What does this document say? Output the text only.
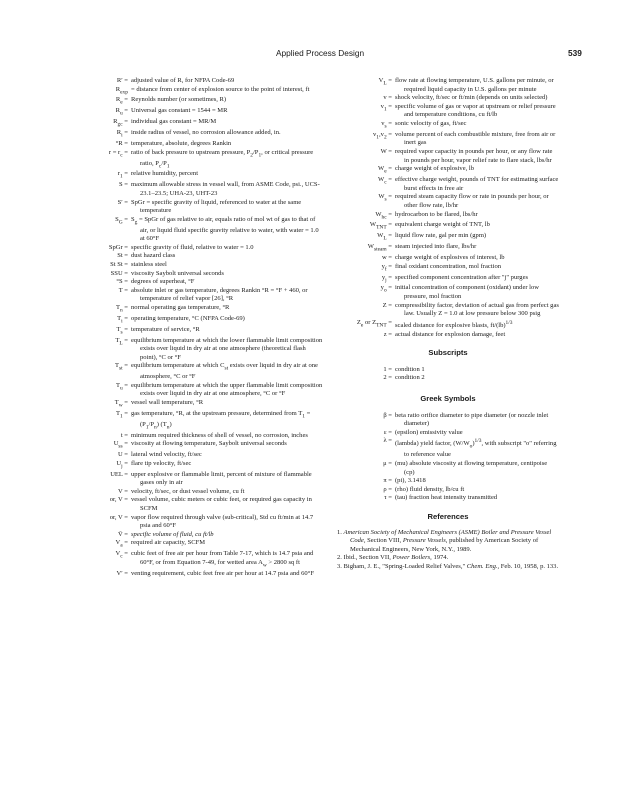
Applied Process Design	539
R′ = adjusted value of R, for NFPA Code-69
$R_{exp}$ = distance from center of explosion source to the point of interest, ft
$R_e$ = Reynolds number (or sometimes, R)
$R_u$ = Universal gas constant = 1544 = MR
$R_{gc}$ = individual gas constant = MR/M
$R_i$ = inside radius of vessel, no corrosion allowance added, in.
°R = temperature, absolute, degrees Rankin
$r = r_c$ = ratio of back pressure to upstream pressure, $P_2/P_1$, or critical pressure ratio, $P_c/P_1$
$r_1$ = relative humidity, percent
S = maximum allowable stress in vessel wall, from ASME Code, psi., UCS-23.1–23.5; UHA-23, UHT-23
S′ = SpGr = specific gravity of liquid, referenced to water at the same temperature
$S_G = S_g$ = SpGr of gas relative to air, equals ratio of mol wt of gas to that of air, or liquid fluid specific gravity relative to water, with water = 1.0 at 60°F
SpGr = specific gravity of fluid, relative to water = 1.0
St = dust hazard class
St St = stainless steel
SSU = viscosity Saybolt universal seconds
°S = degrees of superheat, °F
T = absolute inlet or gas temperature, degrees Rankin °R = °F + 460, or temperature of relief vapor [26], °R
$T_n$ = normal operating gas temperature, °R
$T_i$ = operating temperature, °C (NFPA Code-69)
$T_s$ = temperature of service, °R
$T_L$ = equilibrium temperature at which the lower flammable limit composition exists over liquid in dry air at one atmosphere (theoretical flash point), °C or °F
$T_{st}$ = equilibrium temperature at which $C_{st}$ exists over liquid in dry air at one atmosphere, °C or °F
$T_u$ = equilibrium temperature at which the upper flammable limit composition exists over liquid in dry air at one atmosphere, °C or °F
$T_w$ = vessel wall temperature, °R
$T_1$ = gas temperature, °R, at the upstream pressure, determined from $T_1 = (P_1/P_n)$ $(T_n)$
t = minimum required thickness of shell of vessel, no corrosion, inches
$U_{ss}$ = viscosity at flowing temperature, Saybolt universal seconds
U = lateral wind velocity, ft/sec
$U_j$ = flare tip velocity, ft/sec
UEL = upper explosive or flammable limit, percent of mixture of flammable gases only in air
V = velocity, ft/sec, or dust vessel volume, cu ft
or, V = vessel volume, cubic meters or cubic feet, or required gas capacity in SCFM
or, V = vapor flow required through valve (sub-critical), Std cu ft/min at 14.7 psia and 60°F
V̄ = specific volume of fluid, cu ft/lb
$V_a$ = required air capacity, SCFM
$V_c$ = cubic feet of free air per hour from Table 7-17, which is 14.7 psia and 60°F, or from Equation 7-49, for wetted area $A_w > 2800$ sq ft
V′ = venting requirement, cubic feet free air per hour at 14.7 psia and 60°F
$V_L$ = flow rate at flowing temperature, U.S. gallons per minute, or required liquid capacity in U.S. gallons per minute
v = shock velocity, ft/sec or ft/min (depends on units selected)
$v_1$ = specific volume of gas or vapor at upstream or relief pressure and temperature conditions, cu ft/lb
$v_s$ = sonic velocity of gas, ft/sec
$v_1,v_2$ = volume percent of each combustible mixture, free from air or inert gas
W = required vapor capacity in pounds per hour, or any flow rate in pounds per hour, vapor relief rate to flare stack, lbs/hr
$W_e$ = charge weight of explosive, lb
$W_c$ = effective charge weight, pounds of TNT for estimating surface burst effects in free air
$W_s$ = required steam capacity flow or rate in pounds per hour, or other flow rate, lb/hr
$W_{hc}$ = hydrocarbon to be flared, lbs/hr
$W_{TNT}$ = equivalent charge weight of TNT, lb
$W_L$ = liquid flow rate, gal per min (gpm)
$W_{steam}$ = steam injected into flare, lbs/hr
w = charge weight of explosives of interest, lb
$y_f$ = final oxidant concentration, mol fraction
$y_j$ = specified component concentration after "j" purges
$y_o$ = initial concentration of component (oxidant) under low pressure, mol fraction
Z = compressibility factor, deviation of actual gas from perfect gas law. Usually Z = 1.0 at low pressure below 300 psig
$Z_e$ or $Z_{TNT}$ = scaled distance for explosive blasts, ft/(lb)$^{1/3}$
z = actual distance for explosion damage, feet
Subscripts
1 = condition 1
2 = condition 2
Greek Symbols
β = beta ratio orifice diameter to pipe diameter (or nozzle inlet diameter)
ε = (epsilon) emissivity value
λ = (lambda) yield factor, $(W/W_o)^{1/3}$, with subscript "o" referring to reference value
μ = (mu) absolute viscosity at flowing temperature, centipoise (cp)
π = (pi), 3.1418
ρ = (rho) fluid density, lb/cu ft
τ = (tau) fraction heat intensity transmitted
References
1. American Society of Mechanical Engineers (ASME) Boiler and Pressure Vessel Code, Section VIII, Pressure Vessels, published by American Society of Mechanical Engineers, New York, N.Y., 1989.
2. Ibid., Section VII, Power Boilers, 1974.
3. Bigham, J. E., "Spring-Loaded Relief Valves," Chem. Eng., Feb. 10, 1958, p. 133.
